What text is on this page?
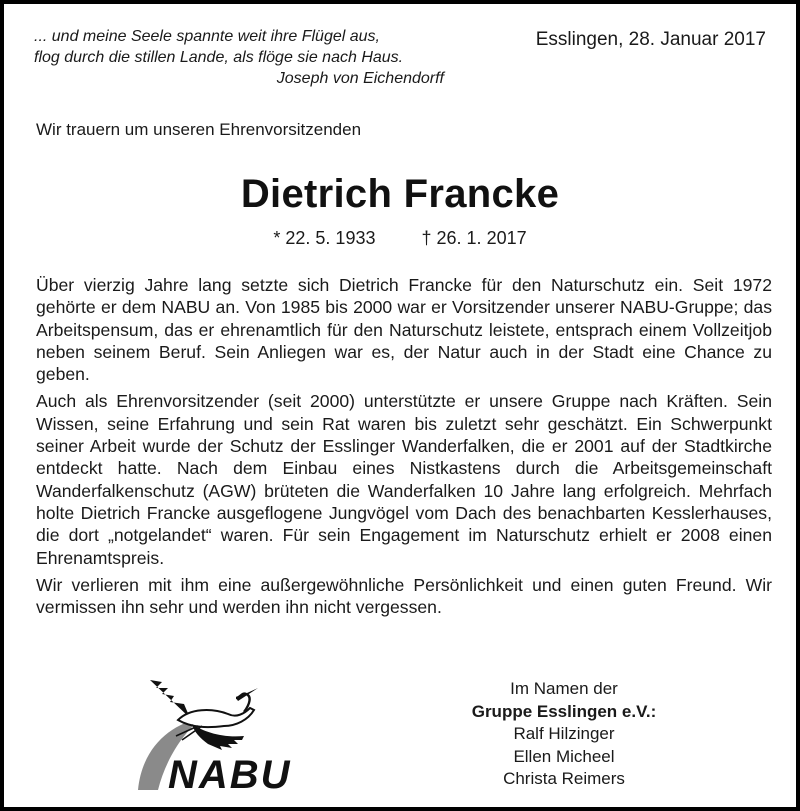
... und meine Seele spannte weit ihre Flügel aus,
flog durch die stillen Lande, als flöge sie nach Haus.
Joseph von Eichendorff
Esslingen, 28. Januar 2017
Wir trauern um unseren Ehrenvorsitzenden
Dietrich Francke
* 22. 5. 1933	† 26. 1. 2017

Über vierzig Jahre lang setzte sich Dietrich Francke für den Naturschutz ein. Seit 1972 gehörte er dem NABU an. Von 1985 bis 2000 war er Vorsitzender unserer NABU-Gruppe; das Arbeitspensum, das er ehrenamtlich für den Naturschutz leistete, entsprach einem Vollzeitjob neben seinem Beruf. Sein Anliegen war es, der Natur auch in der Stadt eine Chance zu geben.

Auch als Ehrenvorsitzender (seit 2000) unterstützte er unsere Gruppe nach Kräften. Sein Wissen, seine Erfahrung und sein Rat waren bis zuletzt sehr geschätzt. Ein Schwerpunkt seiner Arbeit wurde der Schutz der Esslinger Wanderfalken, die er 2001 auf der Stadtkirche entdeckt hatte. Nach dem Einbau eines Nistkastens durch die Arbeitsgemeinschaft Wanderfalkenschutz (AGW) brüteten die Wanderfalken 10 Jahre lang erfolgreich. Mehrfach holte Dietrich Francke ausgeflogene Jungvögel vom Dach des benachbarten Kesslerhauses, die dort „notgelandet“ waren. Für sein Engagement im Naturschutz erhielt er 2008 einen Ehrenamtspreis.

Wir verlieren mit ihm eine außergewöhnliche Persönlichkeit und einen guten Freund. Wir vermissen ihn sehr und werden ihn nicht vergessen.

NABU
Im Namen der
Gruppe Esslingen e.V.:
Ralf Hilzinger
Ellen Micheel
Christa Reimers
